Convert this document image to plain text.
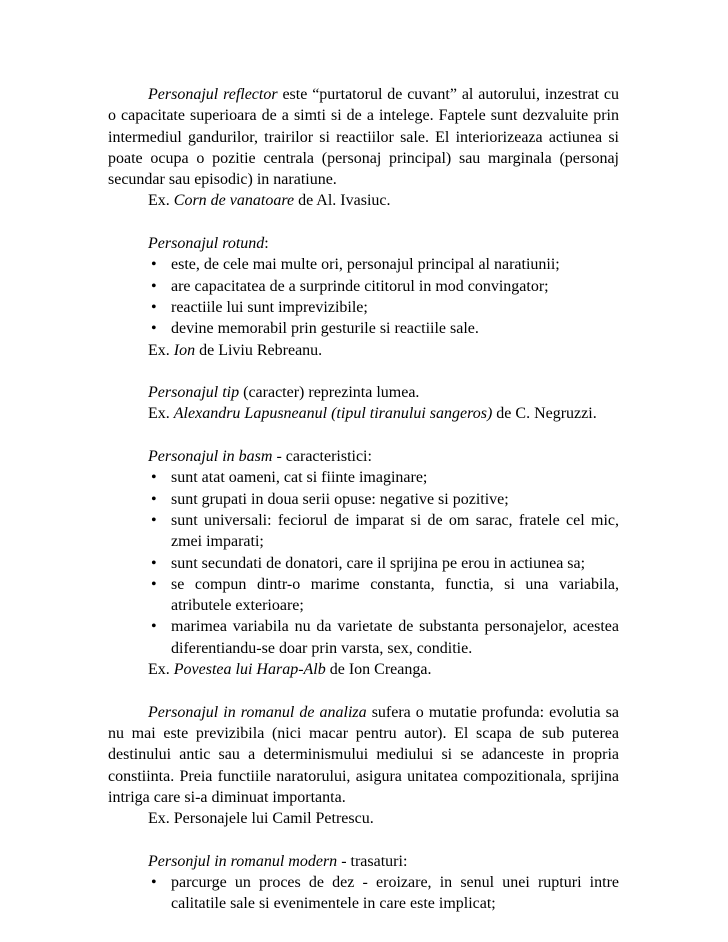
Personajul reflector este “purtatorul de cuvant” al autorului, inzestrat cu o capacitate superioara de a simti si de a intelege. Faptele sunt dezvaluite prin intermediul gandurilor, trairilor si reactiilor sale. El interiorizeaza actiunea si poate ocupa o pozitie centrala (personaj principal) sau marginala (personaj secundar sau episodic) in naratiune.

Ex. Corn de vanatoare de Al. Ivasiuc.

Personajul rotund:

• este, de cele mai multe ori, personajul principal al naratiunii;
• are capacitatea de a surprinde cititorul in mod convingator;
• reactiile lui sunt imprevizibile;
• devine memorabil prin gesturile si reactiile sale.

Ex. Ion de Liviu Rebreanu.

Personajul tip (caracter) reprezinta lumea.

Ex. Alexandru Lapusneanul (tipul tiranului sangeros) de C. Negruzzi.

Personajul in basm - caracteristici:

• sunt atat oameni, cat si fiinte imaginare;
• sunt grupati in doua serii opuse: negative si pozitive;
• sunt universali: feciorul de imparat si de om sarac, fratele cel mic, zmei imparati;
• sunt secundati de donatori, care il sprijina pe erou in actiunea sa;
• se compun dintr-o marime constanta, functia, si una variabila, atributele exterioare;
• marimea variabila nu da varietate de substanta personajelor, acestea diferentiandu-se doar prin varsta, sex, conditie.

Ex. Povestea lui Harap-Alb de Ion Creanga.

Personajul in romanul de analiza sufera o mutatie profunda: evolutia sa nu mai este previzibila (nici macar pentru autor). El scapa de sub puterea destinului antic sau a determinismului mediului si se adanceste in propria constiinta. Preia functiile naratorului, asigura unitatea compozitionala, sprijina intriga care si-a diminuat importanta.

Ex. Personajele lui Camil Petrescu.

Personjul in romanul modern - trasaturi:

• parcurge un proces de dez - eroizare, in senul unei rupturi intre calitatile sale si evenimentele in care este implicat;
